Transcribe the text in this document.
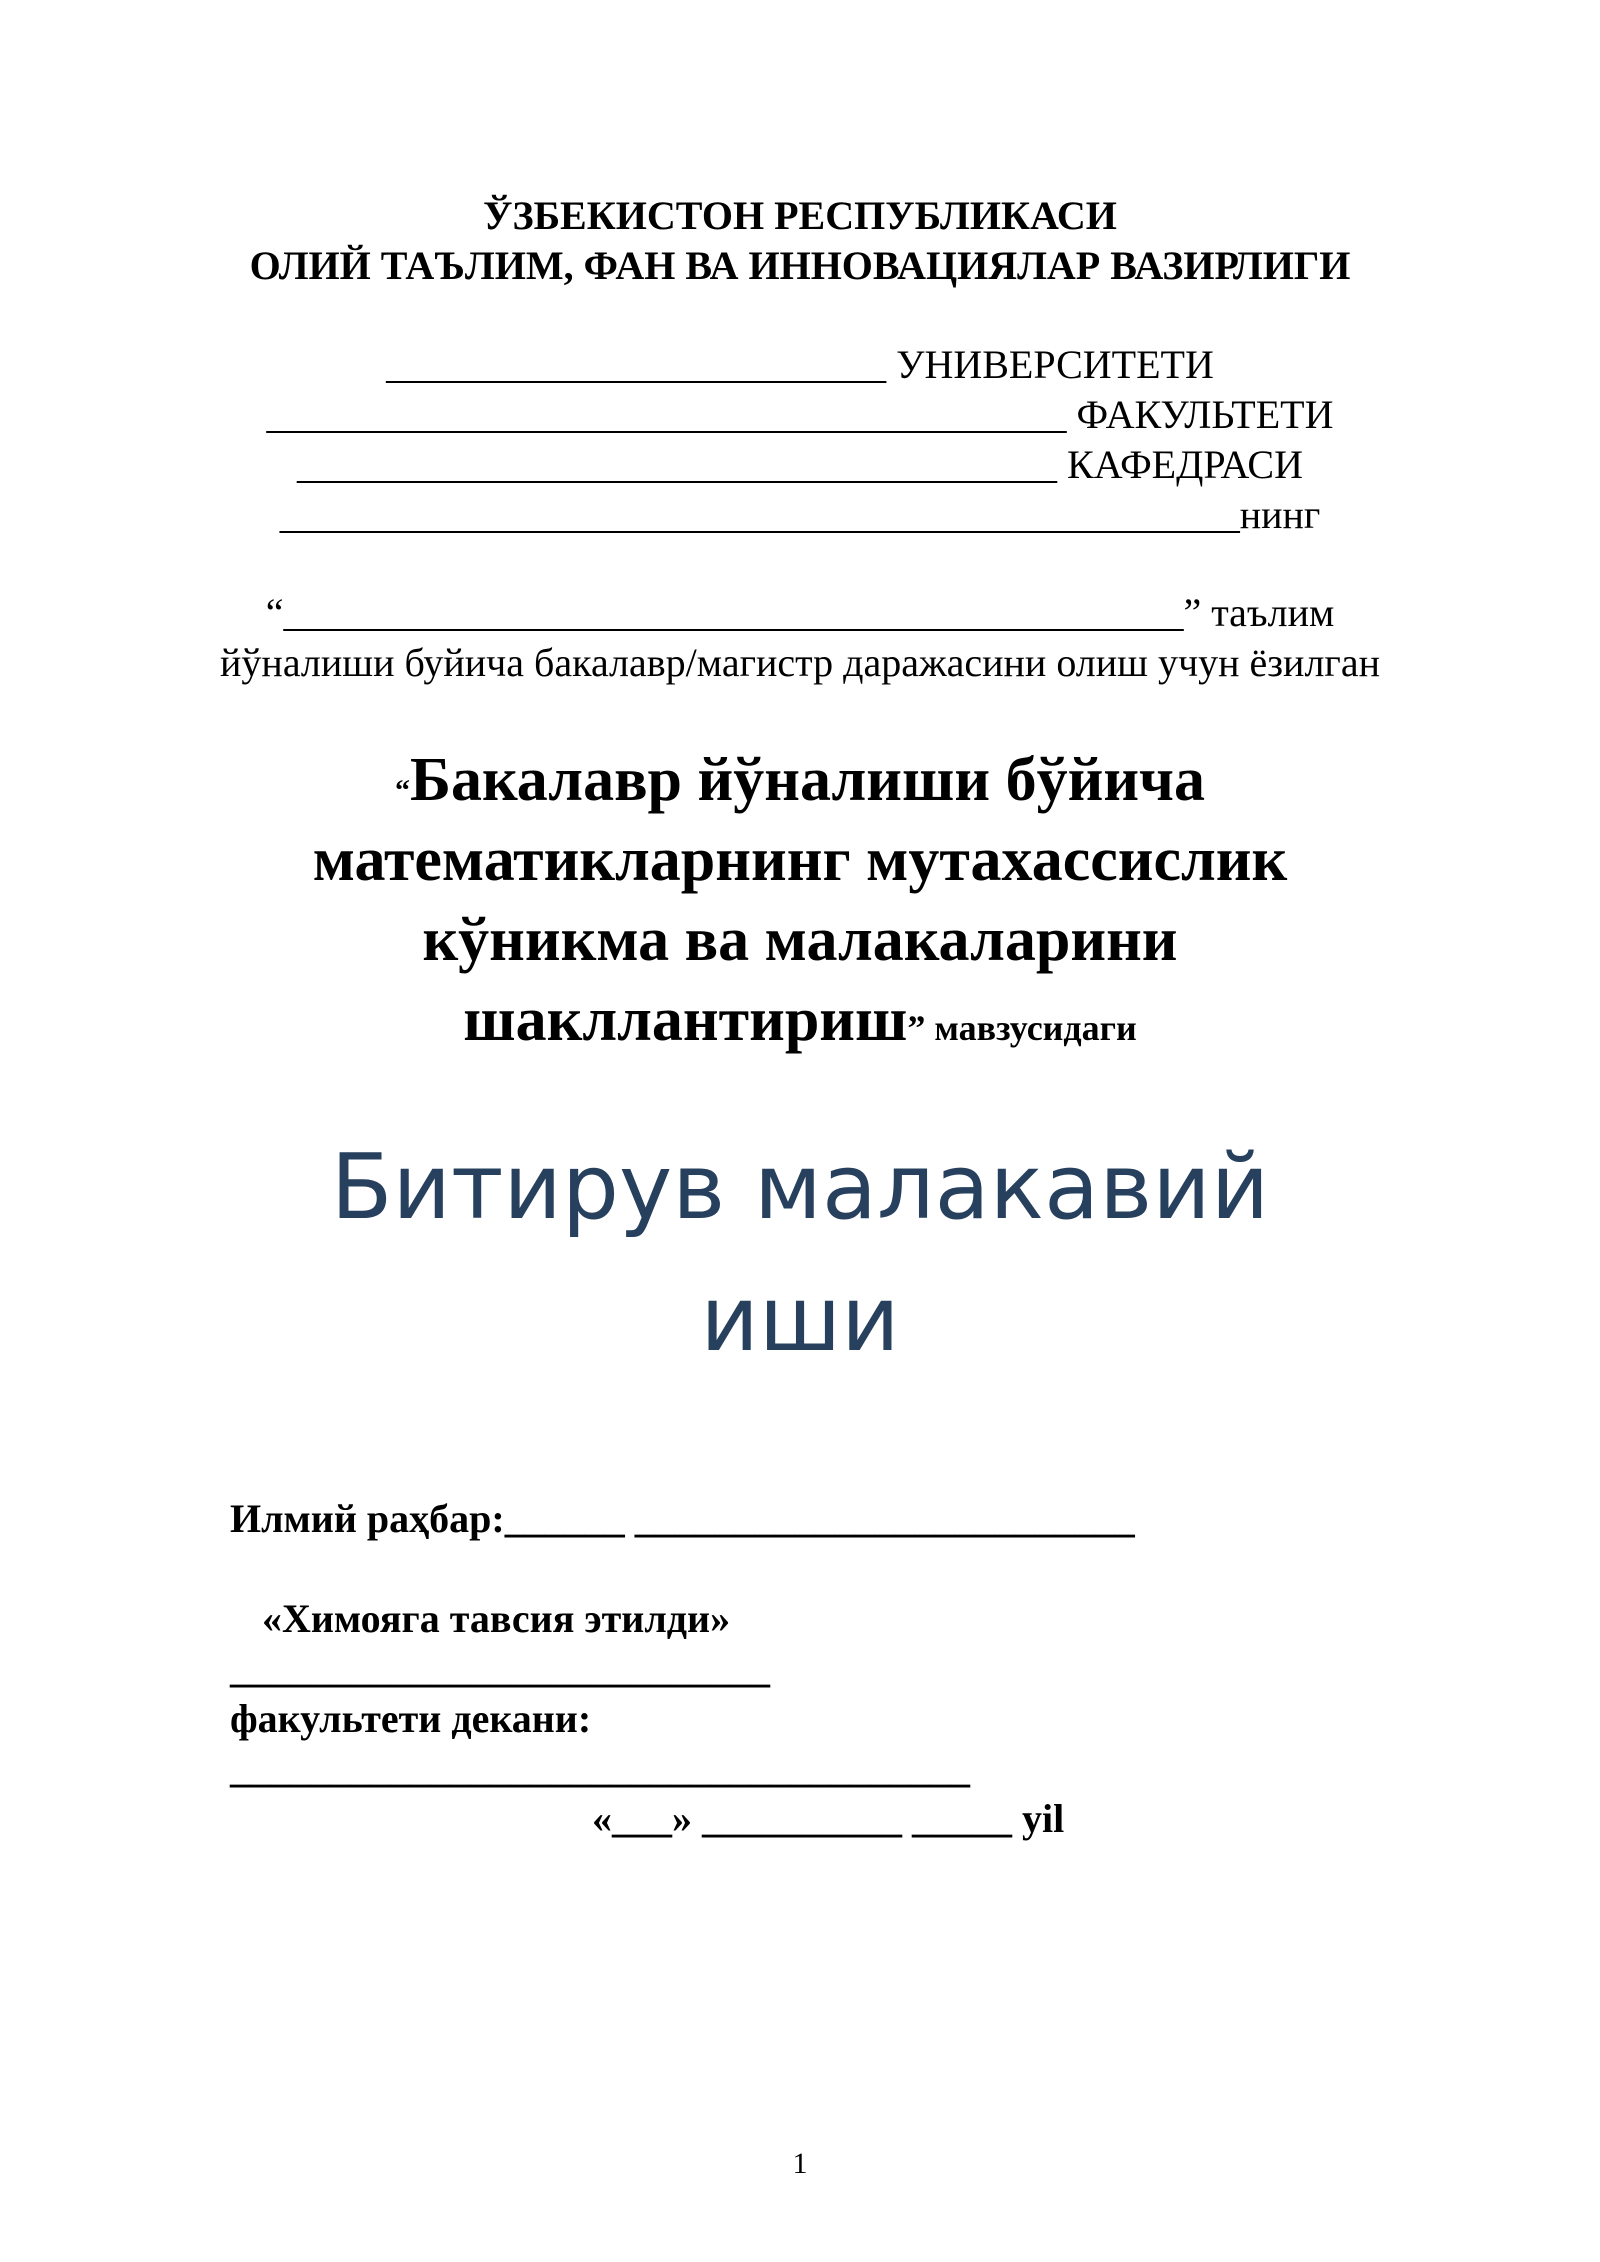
ЎЗБЕКИСТОН РЕСПУБЛИКАСИ
ОЛИЙ ТАЪЛИМ, ФАН ВА ИННОВАЦИЯЛАР ВАЗИРЛИГИ
_________________________ УНИВЕРСИТЕТИ
________________________________________ ФАКУЛЬТЕТИ
______________________________________ КАФЕДРАСИ
________________________________________________нинг
“_____________________________________________” таълим
йўналиши буйича бакалавр/магистр даражасини олиш учун ёзилган
“Бакалавр йўналиши бўйича
математикларнинг мутахассислик
кўникма ва малакаларини
шакллантириш” мавзусидаги
Битирув малакавий
иши
Илмий раҳбар:______ _________________________
«Химояга тавсия этилди»
___________________________
факультети декани:
_____________________________________
«___» __________ _____ yil
1
